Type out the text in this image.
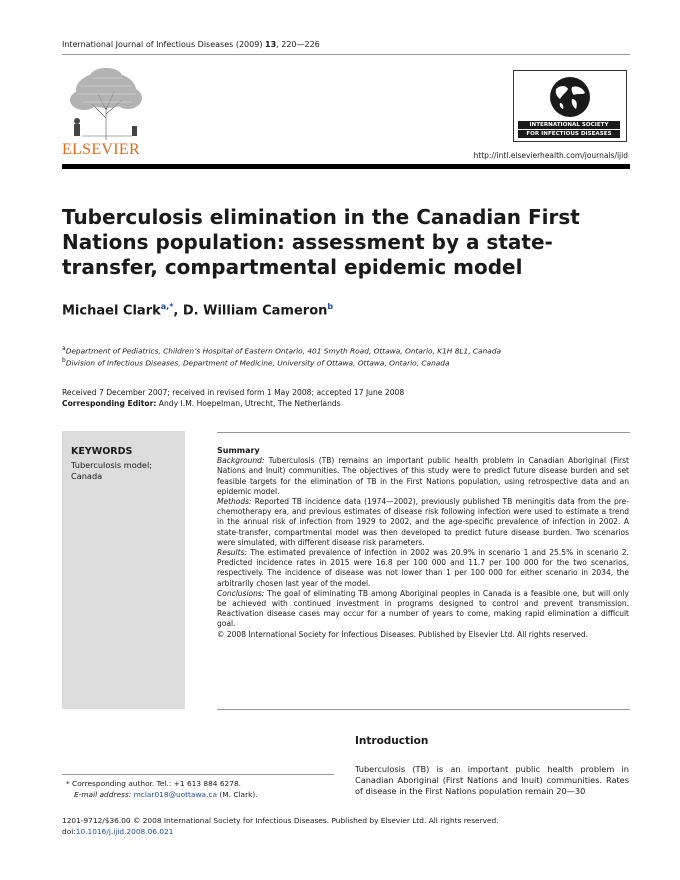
International Journal of Infectious Diseases (2009) 13, 220—226
ELSEVIER
INTERNATIONAL SOCIETY
FOR INFECTIOUS DISEASES
http://intl.elsevierhealth.com/journals/ijid
Tuberculosis elimination in the Canadian First Nations population: assessment by a state-transfer, compartmental epidemic model
Michael Clark$^{a,*}$, D. William Cameron$^b$
$^a$Department of Pediatrics, Children’s Hospital of Eastern Ontario, 401 Smyth Road, Ottawa, Ontario, K1H 8L1, Canada
$^b$Division of Infectious Diseases, Department of Medicine, University of Ottawa, Ottawa, Ontario, Canada
Received 7 December 2007; received in revised form 1 May 2008; accepted 17 June 2008
Corresponding Editor: Andy I.M. Hoepelman, Utrecht, The Netherlands
KEYWORDS
Tuberculosis model;
Canada

Summary

Background: Tuberculosis (TB) remains an important public health problem in Canadian Aboriginal (First Nations and Inuit) communities. The objectives of this study were to predict future disease burden and set feasible targets for the elimination of TB in the First Nations population, using retrospective data and an epidemic model.

Methods: Reported TB incidence data (1974—2002), previously published TB meningitis data from the pre-chemotherapy era, and previous estimates of disease risk following infection were used to estimate a trend in the annual risk of infection from 1929 to 2002, and the age-specific prevalence of infection in 2002. A state-transfer, compartmental model was then developed to predict future disease burden. Two scenarios were simulated, with different disease risk parameters.

Results: The estimated prevalence of infection in 2002 was 20.9% in scenario 1 and 25.5% in scenario 2. Predicted incidence rates in 2015 were 16.8 per 100 000 and 11.7 per 100 000 for the two scenarios, respectively. The incidence of disease was not lower than 1 per 100 000 for either scenario in 2034, the arbitrarily chosen last year of the model.

Conclusions: The goal of eliminating TB among Aboriginal peoples in Canada is a feasible one, but will only be achieved with continued investment in programs designed to control and prevent transmission. Reactivation disease cases may occur for a number of years to come, making rapid elimination a difficult goal.

© 2008 International Society for Infectious Diseases. Published by Elsevier Ltd. All rights reserved.

Introduction
Tuberculosis (TB) is an important public health problem in Canadian Aboriginal (First Nations and Inuit) communities. Rates of disease in the First Nations population remain 20—30
* Corresponding author. Tel.: +1 613 884 6278.
E-mail address: mclar018@uottawa.ca (M. Clark).
1201-9712/$36.00 © 2008 International Society for Infectious Diseases. Published by Elsevier Ltd. All rights reserved.
doi:10.1016/j.ijid.2008.06.021
